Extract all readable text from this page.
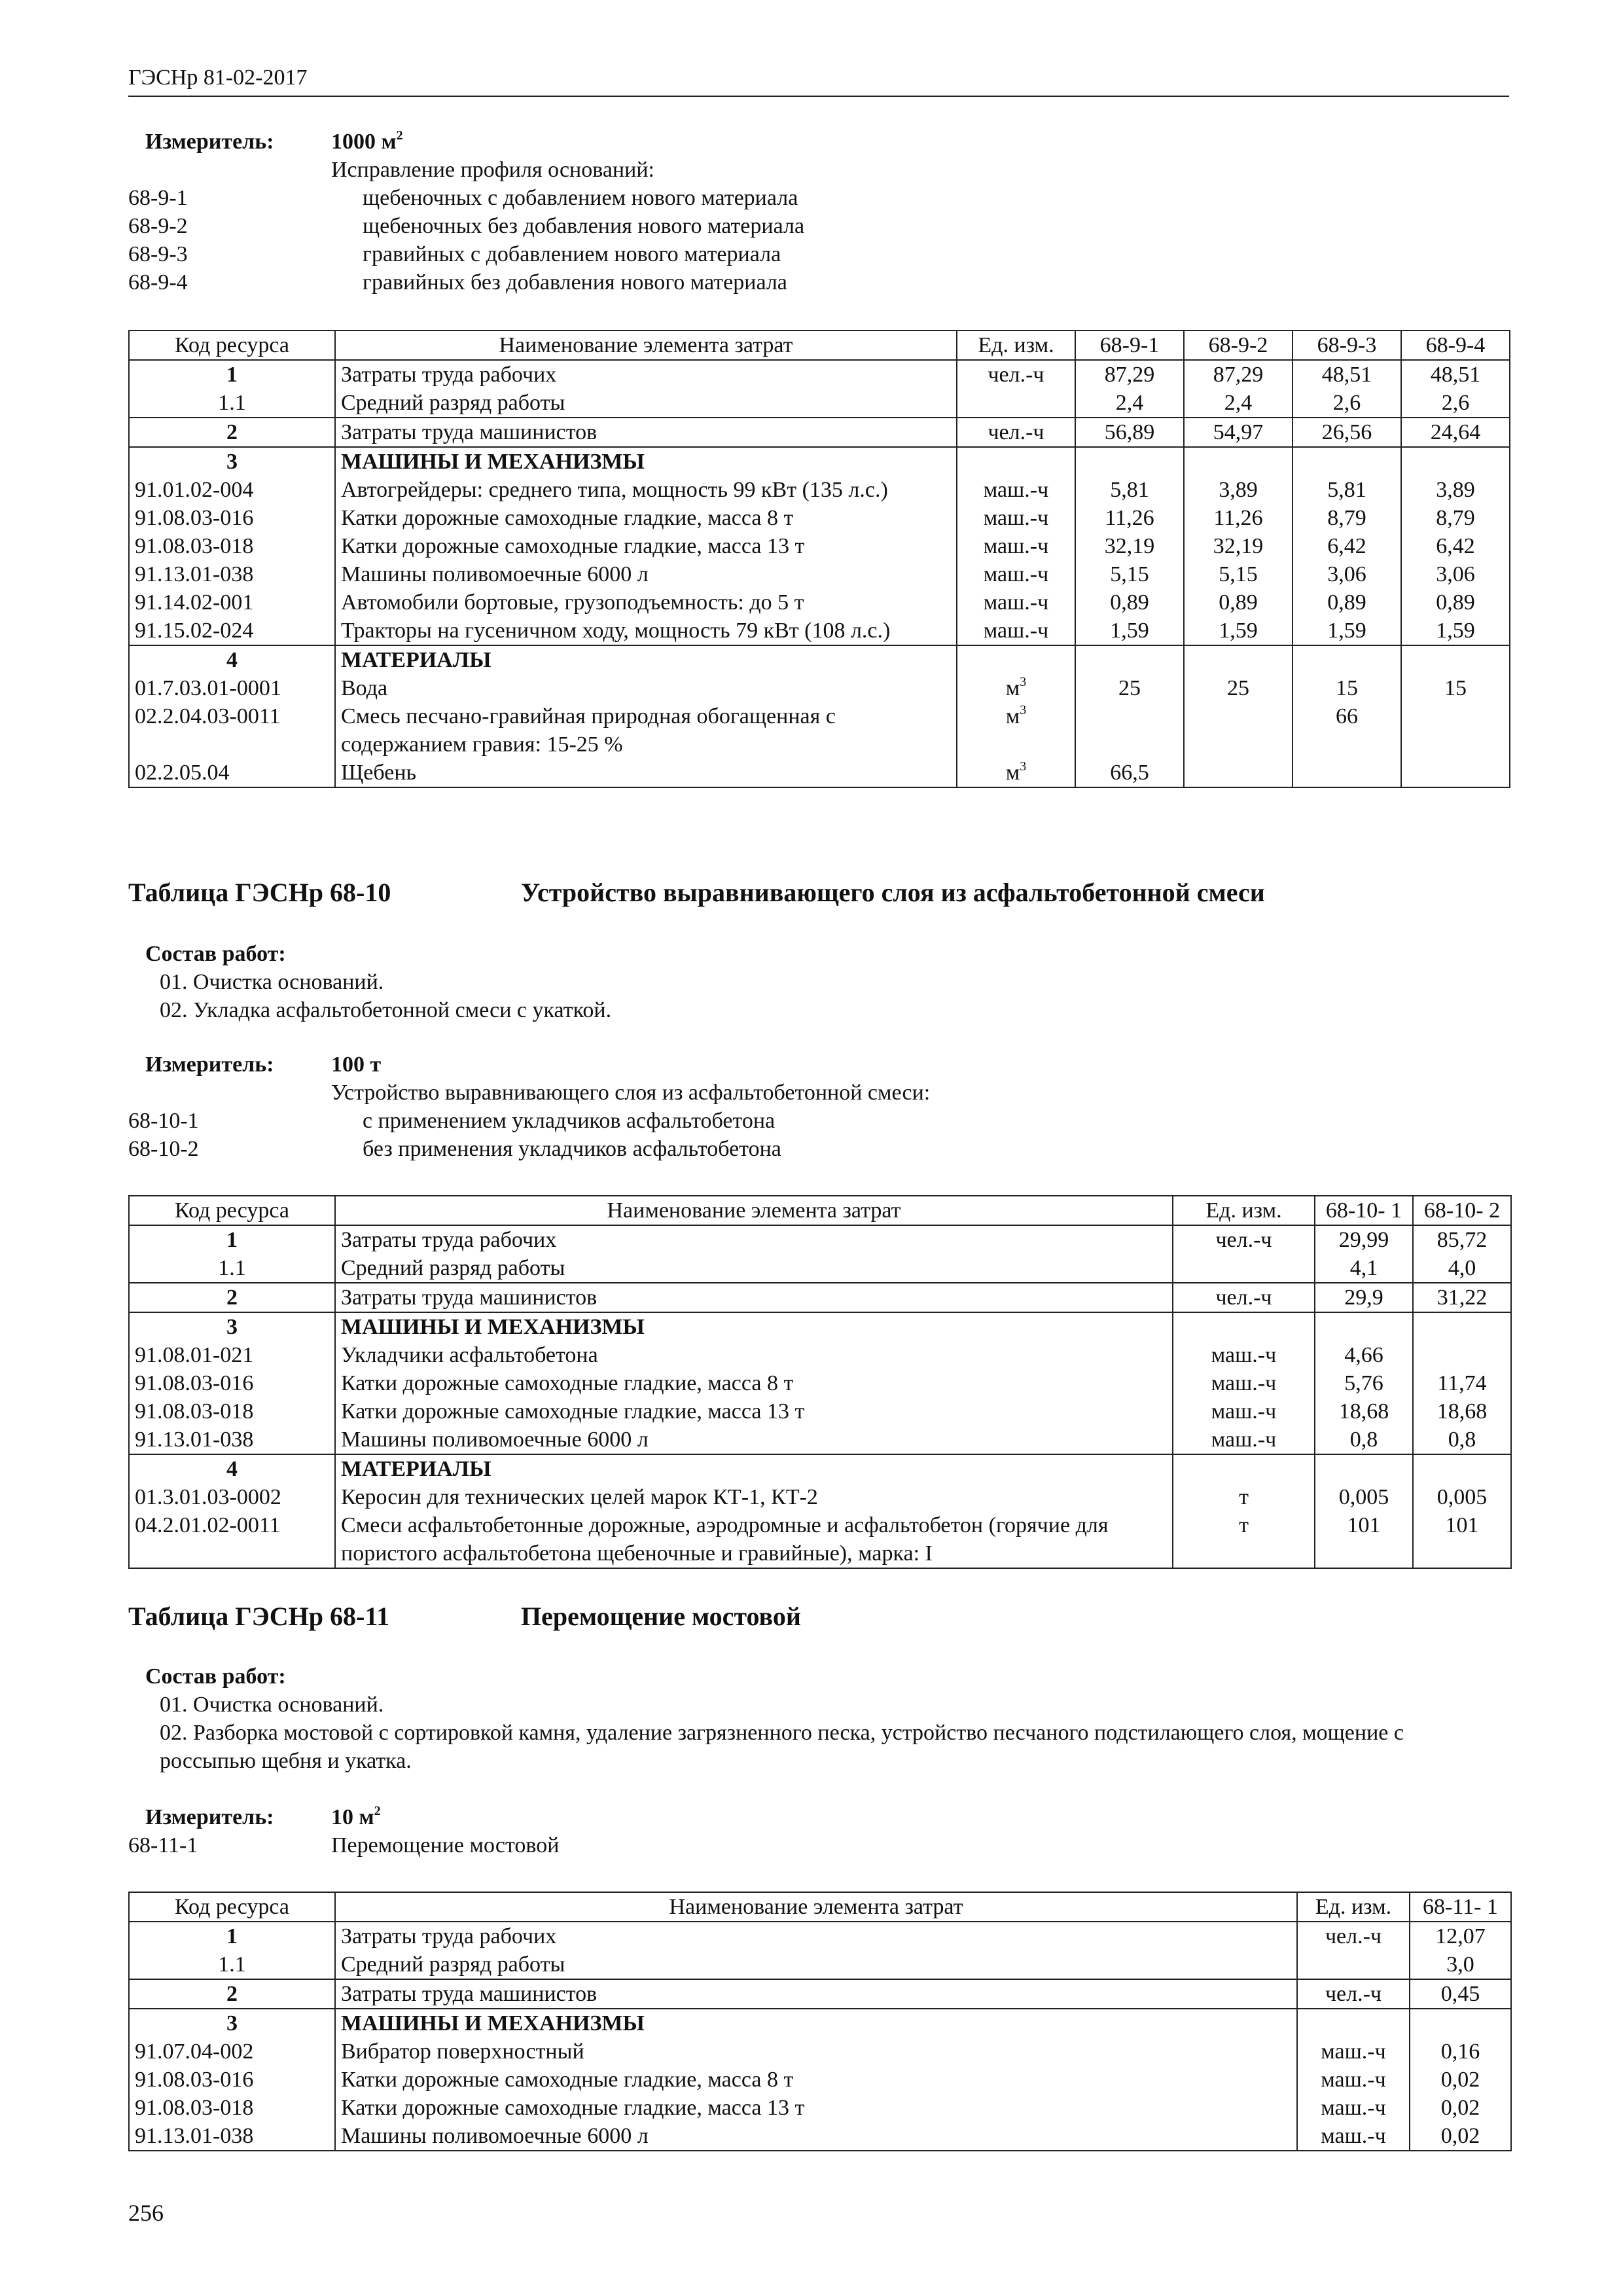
ГЭСНр 81-02-2017
Измеритель:	1000 $м^2$
Исправление профиля оснований:
68-9-1	щебеночных с добавлением нового материала
68-9-2	щебеночных без добавления нового материала
68-9-3	гравийных с добавлением нового материала
68-9-4	гравийных без добавления нового материала
Код ресурса	Наименование элемента затрат	Ед. изм.	68-9-1	68-9-2	68-9-3	68-9-4
1	Затраты труда рабочих	чел.-ч	87,29	87,29	48,51	48,51
1.1	Средний разряд работы		2,4	2,4	2,6	2,6
2	Затраты труда машинистов	чел.-ч	56,89	54,97	26,56	24,64
3	МАШИНЫ И МЕХАНИЗМЫ					
91.01.02-004	Автогрейдеры: среднего типа, мощность 99 кВт (135 л.с.)	маш.-ч	5,81	3,89	5,81	3,89
91.08.03-016	Катки дорожные самоходные гладкие, масса 8 т	маш.-ч	11,26	11,26	8,79	8,79
91.08.03-018	Катки дорожные самоходные гладкие, масса 13 т	маш.-ч	32,19	32,19	6,42	6,42
91.13.01-038	Машины поливомоечные 6000 л	маш.-ч	5,15	5,15	3,06	3,06
91.14.02-001	Автомобили бортовые, грузоподъемность: до 5 т	маш.-ч	0,89	0,89	0,89	0,89
91.15.02-024	Тракторы на гусеничном ходу, мощность 79 кВт (108 л.с.)	маш.-ч	1,59	1,59	1,59	1,59
4	МАТЕРИАЛЫ					
01.7.03.01-0001	Вода	$м^3$	25	25	15	15
02.2.04.03-0011	Смесь песчано-гравийная природная обогащенная с содержанием гравия: 15-25 %	$м^3$			66	
02.2.05.04	Щебень	$м^3$	66,5			
Таблица ГЭСНр 68-10	Устройство выравнивающего слоя из асфальтобетонной смеси
Состав работ:
01. Очистка оснований.
02. Укладка асфальтобетонной смеси с укаткой.
Измеритель:	100 т
Устройство выравнивающего слоя из асфальтобетонной смеси:
68-10-1	с применением укладчиков асфальтобетона
68-10-2	без применения укладчиков асфальтобетона
Код ресурса	Наименование элемента затрат	Ед. изм.	68-10- 1	68-10- 2
1	Затраты труда рабочих	чел.-ч	29,99	85,72
1.1	Средний разряд работы		4,1	4,0
2	Затраты труда машинистов	чел.-ч	29,9	31,22
3	МАШИНЫ И МЕХАНИЗМЫ			
91.08.01-021	Укладчики асфальтобетона	маш.-ч	4,66	
91.08.03-016	Катки дорожные самоходные гладкие, масса 8 т	маш.-ч	5,76	11,74
91.08.03-018	Катки дорожные самоходные гладкие, масса 13 т	маш.-ч	18,68	18,68
91.13.01-038	Машины поливомоечные 6000 л	маш.-ч	0,8	0,8
4	МАТЕРИАЛЫ			
01.3.01.03-0002	Керосин для технических целей марок КТ-1, КТ-2	т	0,005	0,005
04.2.01.02-0011	Смеси асфальтобетонные дорожные, аэродромные и асфальтобетон (горячие для пористого асфальтобетона щебеночные и гравийные), марка: I	т	101	101
Таблица ГЭСНр 68-11	Перемощение мостовой
Состав работ:
01. Очистка оснований.
02. Разборка мостовой с сортировкой камня, удаление загрязненного песка, устройство песчаного подстилающего слоя, мощение с россыпью щебня и укатка.
Измеритель:	10 $м^2$
68-11-1	Перемощение мостовой
Код ресурса	Наименование элемента затрат	Ед. изм.	68-11- 1
1	Затраты труда рабочих	чел.-ч	12,07
1.1	Средний разряд работы		3,0
2	Затраты труда машинистов	чел.-ч	0,45
3	МАШИНЫ И МЕХАНИЗМЫ		
91.07.04-002	Вибратор поверхностный	маш.-ч	0,16
91.08.03-016	Катки дорожные самоходные гладкие, масса 8 т	маш.-ч	0,02
91.08.03-018	Катки дорожные самоходные гладкие, масса 13 т	маш.-ч	0,02
91.13.01-038	Машины поливомоечные 6000 л	маш.-ч	0,02
256
